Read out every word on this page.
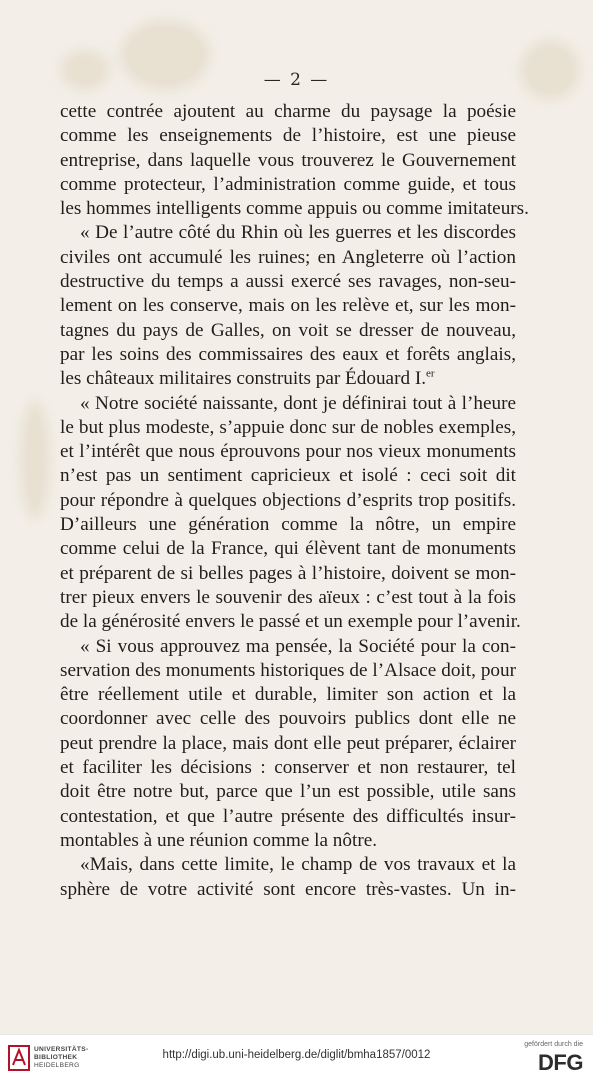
— 2 —
cette contrée ajoutent au charme du paysage la poésie
comme les enseignements de l’histoire, est une pieuse
entreprise, dans laquelle vous trouverez le Gouvernement
comme protecteur, l’administration comme guide, et tous
les hommes intelligents comme appuis ou comme imitateurs.
« De l’autre côté du Rhin où les guerres et les discordes
civiles ont accumulé les ruines; en Angleterre où l’action
destructive du temps a aussi exercé ses ravages, non-seu-
lement on les conserve, mais on les relève et, sur les mon-
tagnes du pays de Galles, on voit se dresser de nouveau,
par les soins des commissaires des eaux et forêts anglais,
les châteaux militaires construits par Édouard I.$^{er}$
« Notre société naissante, dont je définirai tout à l’heure
le but plus modeste, s’appuie donc sur de nobles exemples,
et l’intérêt que nous éprouvons pour nos vieux monuments
n’est pas un sentiment capricieux et isolé : ceci soit dit
pour répondre à quelques objections d’esprits trop positifs.
D’ailleurs une génération comme la nôtre, un empire
comme celui de la France, qui élèvent tant de monuments
et préparent de si belles pages à l’histoire, doivent se mon-
trer pieux envers le souvenir des aïeux : c’est tout à la fois
de la générosité envers le passé et un exemple pour l’avenir.
« Si vous approuvez ma pensée, la Société pour la con-
servation des monuments historiques de l’Alsace doit, pour
être réellement utile et durable, limiter son action et la
coordonner avec celle des pouvoirs publics dont elle ne
peut prendre la place, mais dont elle peut préparer, éclairer
et faciliter les décisions : conserver et non restaurer, tel
doit être notre but, parce que l’un est possible, utile sans
contestation, et que l’autre présente des difficultés insur-
montables à une réunion comme la nôtre.
«Mais, dans cette limite, le champ de vos travaux et la
sphère de votre activité sont encore très-vastes. Un in-
UNIVERSITÄTS-
BIBLIOTHEK
HEIDELBERG
http://digi.ub.uni-heidelberg.de/diglit/bmha1857/0012
gefördert durch die
DFG
